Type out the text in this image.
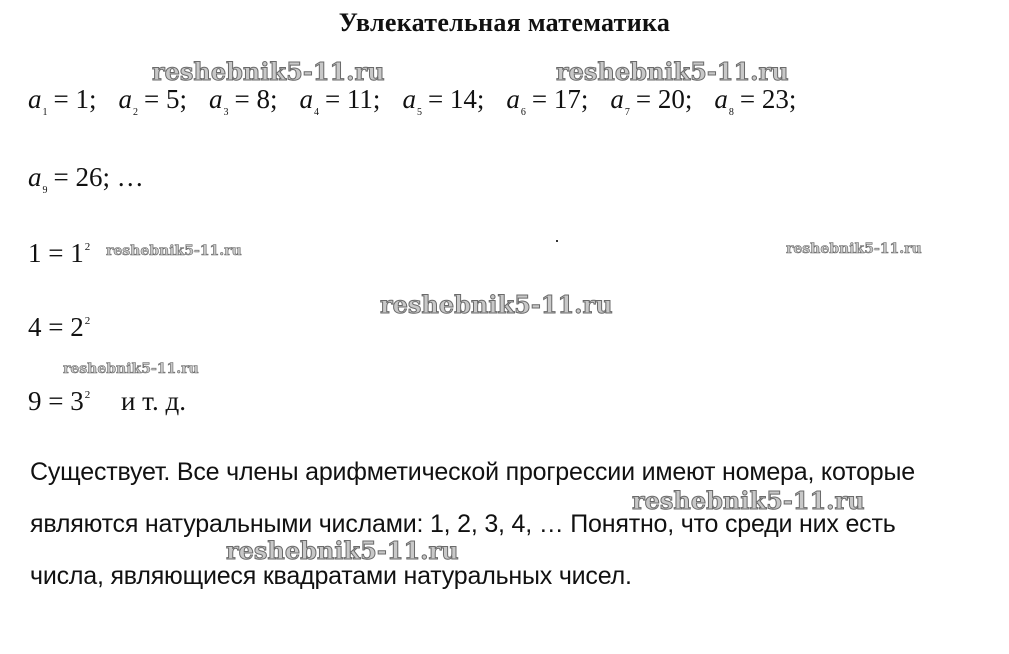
Увлекательная математика
$a_1 = 1$; $a_2 = 5$; $a_3 = 8$; $a_4 = 11$; $a_5 = 14$; $a_6 = 17$; $a_7 = 20$; $a_8 = 23$;
$a_9 = 26$; …
$1 = 1^2$
$4 = 2^2$
$9 = 3^2$ и т. д.
Существует. Все члены арифметической прогрессии имеют номера, которые
являются натуральными числами: 1, 2, 3, 4, … Понятно, что среди них есть
числа, являющиеся квадратами натуральных чисел.
reshebnik5-11.ru	reshebnik5-11.ru
reshebnik5-11.ru	reshebnik5-11.ru
reshebnik5-11.ru
reshebnik5-11.ru
reshebnik5-11.ru
reshebnik5-11.ru
